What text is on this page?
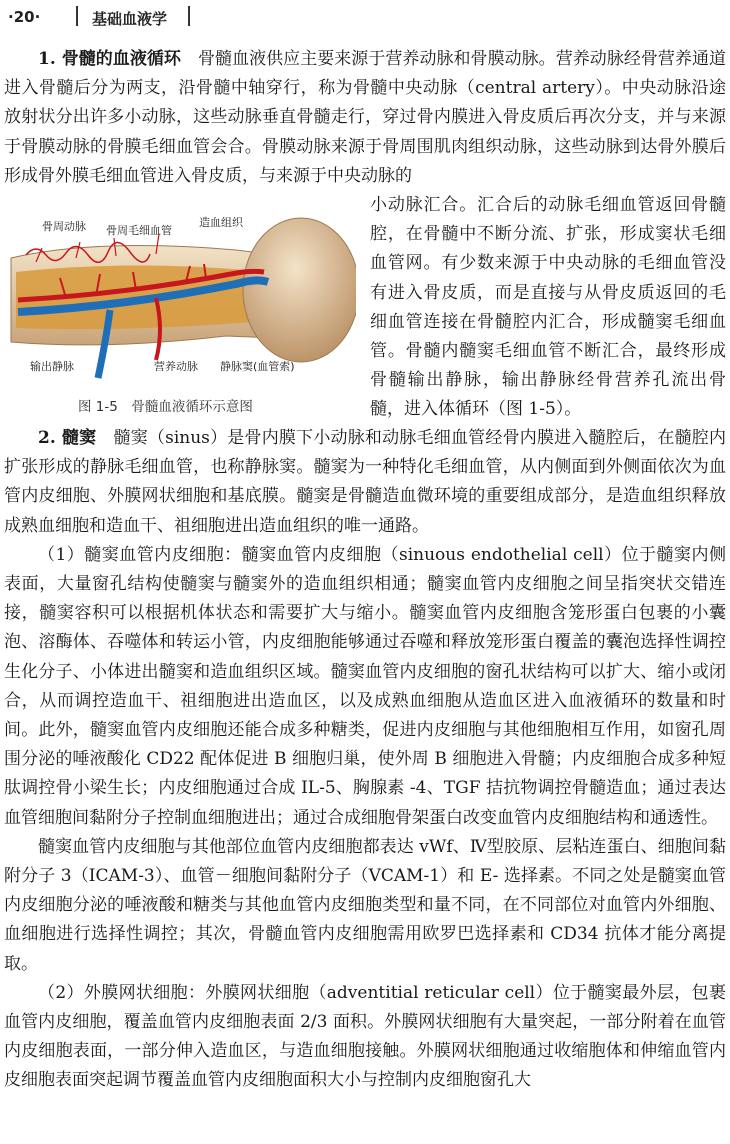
·20·	基础血液学

1. 骨髓的血液循环　 骨髓血液供应主要来源于营养动脉和骨膜动脉。营养动脉经骨营养通道进入骨髓后分为两支，沿骨髓中轴穿行，称为骨髓中央动脉（central artery）。中央动脉沿途放射状分出许多小动脉，这些动脉垂直骨髓走行，穿过骨内膜进入骨皮质后再次分支，并与来源于骨膜动脉的骨膜毛细血管会合。骨膜动脉来源于骨周围肌肉组织动脉，这些动脉到达骨外膜后形成骨外膜毛细血管进入骨皮质，与来源于中央动脉的

小动脉汇合。汇合后的动脉毛细血管返回骨髓腔，在骨髓中不断分流、扩张，形成窦状毛细血管网。有少数来源于中央动脉的毛细血管没有进入骨皮质，而是直接与从骨皮质返回的毛细血管连接在骨髓腔内汇合，形成髓窦毛细血管。骨髓内髓窦毛细血管不断汇合，最终形成骨髓输出静脉，输出静脉经骨营养孔流出骨髓，进入体循环（图 1-5）。

骨周动脉 骨周毛细血管
造血组织
输出静脉	营养动脉 静脉窦(血管索)
图 1-5　骨髓血液循环示意图

2. 髓窦　 髓窦（sinus）是骨内膜下小动脉和动脉毛细血管经骨内膜进入髓腔后，在髓腔内扩张形成的静脉毛细血管，也称静脉窦。髓窦为一种特化毛细血管，从内侧面到外侧面依次为血管内皮细胞、外膜网状细胞和基底膜。髓窦是骨髓造血微环境的重要组成部分，是造血组织释放成熟血细胞和造血干、祖细胞进出造血组织的唯一通路。

（1）髓窦血管内皮细胞：髓窦血管内皮细胞（sinuous endothelial cell）位于髓窦内侧表面，大量窗孔结构使髓窦与髓窦外的造血组织相通；髓窦血管内皮细胞之间呈指突状交错连接，髓窦容积可以根据机体状态和需要扩大与缩小。髓窦血管内皮细胞含笼形蛋白包裹的小囊泡、溶酶体、吞噬体和转运小管，内皮细胞能够通过吞噬和释放笼形蛋白覆盖的囊泡选择性调控生化分子、小体进出髓窦和造血组织区域。髓窦血管内皮细胞的窗孔状结构可以扩大、缩小或闭合，从而调控造血干、祖细胞进出造血区，以及成熟血细胞从造血区进入血液循环的数量和时间。此外，髓窦血管内皮细胞还能合成多种糖类，促进内皮细胞与其他细胞相互作用，如窗孔周围分泌的唾液酸化 CD22 配体促进 B 细胞归巢，使外周 B 细胞进入骨髓；内皮细胞合成多种短肽调控骨小梁生长；内皮细胞通过合成 IL-5、胸腺素 -4、TGF 拮抗物调控骨髓造血；通过表达血管细胞间黏附分子控制血细胞进出；通过合成细胞骨架蛋白改变血管内皮细胞结构和通透性。

髓窦血管内皮细胞与其他部位血管内皮细胞都表达 vWf、Ⅳ型胶原、层粘连蛋白、细胞间黏附分子 3（ICAM-3）、血管－细胞间黏附分子（VCAM-1）和 E- 选择素。不同之处是髓窦血管内皮细胞分泌的唾液酸和糖类与其他血管内皮细胞类型和量不同，在不同部位对血管内外细胞、血细胞进行选择性调控；其次，骨髓血管内皮细胞需用欧罗巴选择素和 CD34 抗体才能分离提取。

（2）外膜网状细胞：外膜网状细胞（adventitial reticular cell）位于髓窦最外层，包裹血管内皮细胞，覆盖血管内皮细胞表面 2/3 面积。外膜网状细胞有大量突起，一部分附着在血管内皮细胞表面，一部分伸入造血区，与造血细胞接触。外膜网状细胞通过收缩胞体和伸缩血管内皮细胞表面突起调节覆盖血管内皮细胞面积大小与控制内皮细胞窗孔大
